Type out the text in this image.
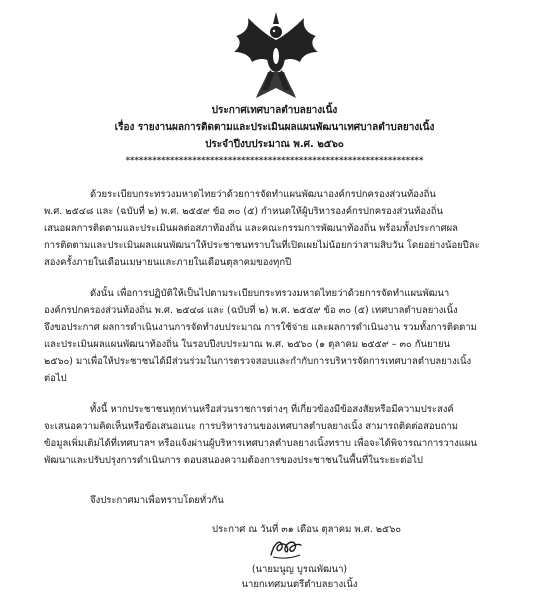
ประกาศเทศบาลตำบลยางเนิ้ง
เรื่อง รายงานผลการติดตามและประเมินผลแผนพัฒนาเทศบาลตำบลยางเนิ้ง
ประจำปีงบประมาณ พ.ศ. ๒๕๖๐
*******************************************************************
ด้วยระเบียบกระทรวงมหาดไทยว่าด้วยการจัดทำแผนพัฒนาองค์กรปกครองส่วนท้องถิ่น
พ.ศ. ๒๕๔๘ และ (ฉบับที่ ๒) พ.ศ. ๒๕๕๙ ข้อ ๓๐ (๕) กำหนดให้ผู้บริหารองค์กรปกครองส่วนท้องถิ่น
เสนอผลการติดตามและประเมินผลต่อสภาท้องถิ่น และคณะกรรมการพัฒนาท้องถิ่น พร้อมทั้งประกาศผล
การติดตามและประเมินผลแผนพัฒนาให้ประชาชนทราบในที่เปิดเผยไม่น้อยกว่าสามสิบวัน โดยอย่างน้อยปีละ
สองครั้งภายในเดือนเมษายนและภายในเดือนตุลาคมของทุกปี
ดังนั้น เพื่อการปฏิบัติให้เป็นไปตามระเบียบกระทรวงมหาดไทยว่าด้วยการจัดทำแผนพัฒนา
องค์กรปกครองส่วนท้องถิ่น พ.ศ. ๒๕๔๘ และ (ฉบับที่ ๒) พ.ศ. ๒๕๕๙ ข้อ ๓๐ (๕) เทศบาลตำบลยางเนิ้ง
จึงขอประกาศ ผลการดำเนินงานการจัดทำงบประมาณ การใช้จ่าย และผลการดำเนินงาน รวมทั้งการติดตาม
และประเมินผลแผนพัฒนาท้องถิ่น ในรอบปีงบประมาณ พ.ศ. ๒๕๖๐ (๑ ตุลาคม ๒๕๕๙ – ๓๐ กันยายน
๒๕๖๐) มาเพื่อให้ประชาชนได้มีส่วนร่วมในการตรวจสอบและกำกับการบริหารจัดการเทศบาลตำบลยางเนิ้ง
ต่อไป
ทั้งนี้ หากประชาชนทุกท่านหรือส่วนราชการต่างๆ ที่เกี่ยวข้องมีข้อสงสัยหรือมีความประสงค์
จะเสนอความคิดเห็นหรือข้อเสนอแนะ การบริหารงานของเทศบาลตำบลยางเนิ้ง สามารถติดต่อสอบถาม
ข้อมูลเพิ่มเติมได้ที่เทศบาลฯ หรือแจ้งผ่านผู้บริหารเทศบาลตำบลยางเนิ้งทราบ เพื่อจะได้พิจารณาการวางแผน
พัฒนาและปรับปรุงการดำเนินการ ตอบสนองความต้องการของประชาชนในพื้นที่ในระยะต่อไป
จึงประกาศมาเพื่อทราบโดยทั่วกัน
ประกาศ ณ วันที่ ๓๑ เดือน ตุลาคม พ.ศ. ๒๕๖๐
(นายมนูญ บูรณพัฒนา)
นายกเทศมนตรีตำบลยางเนิ้ง
